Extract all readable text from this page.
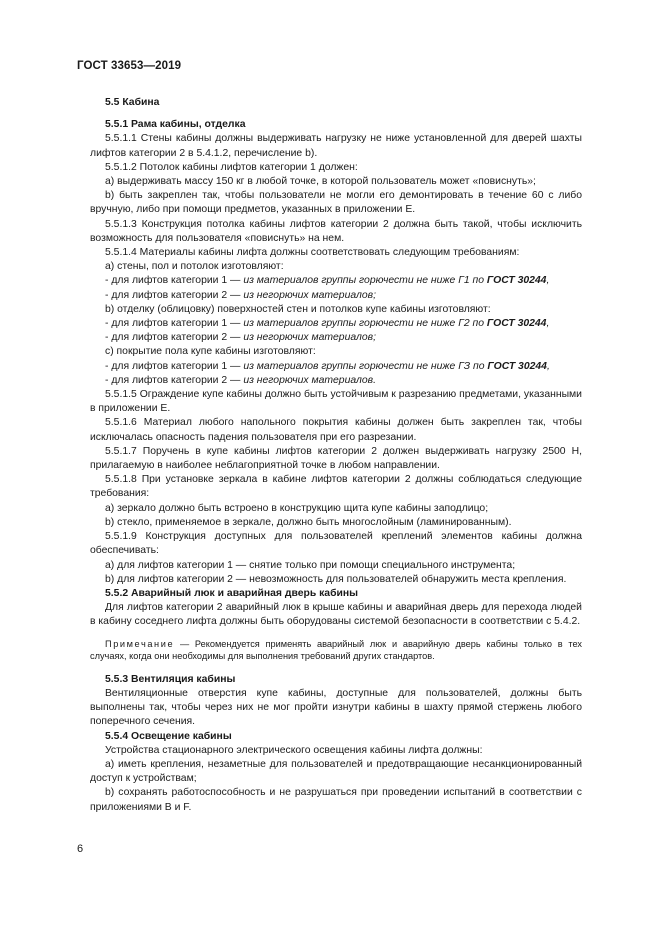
ГОСТ 33653—2019

5.5 Кабина

5.5.1 Рама кабины, отделка

5.5.1.1 Стены кабины должны выдерживать нагрузку не ниже установленной для дверей шахты лифтов категории 2 в 5.4.1.2, перечисление b).

5.5.1.2 Потолок кабины лифтов категории 1 должен:

a) выдерживать массу 150 кг в любой точке, в которой пользователь может «повиснуть»;

b) быть закреплен так, чтобы пользователи не могли его демонтировать в течение 60 с либо вручную, либо при помощи предметов, указанных в приложении Е.

5.5.1.3 Конструкция потолка кабины лифтов категории 2 должна быть такой, чтобы исключить возможность для пользователя «повиснуть» на нем.

5.5.1.4 Материалы кабины лифта должны соответствовать следующим требованиям:

a) стены, пол и потолок изготовляют:

- для лифтов категории 1 — из материалов группы горючести не ниже Г1 по ГОСТ 30244,

- для лифтов категории 2 — из негорючих материалов;

b) отделку (облицовку) поверхностей стен и потолков купе кабины изготовляют:

- для лифтов категории 1 — из материалов группы горючести не ниже Г2 по ГОСТ 30244,

- для лифтов категории 2 — из негорючих материалов;

c) покрытие пола купе кабины изготовляют:

- для лифтов категории 1 — из материалов группы горючести не ниже ГЗ по ГОСТ 30244,

- для лифтов категории 2 — из негорючих материалов.

5.5.1.5 Ограждение купе кабины должно быть устойчивым к разрезанию предметами, указанными в приложении Е.

5.5.1.6 Материал любого напольного покрытия кабины должен быть закреплен так, чтобы исключалась опасность падения пользователя при его разрезании.

5.5.1.7 Поручень в купе кабины лифтов категории 2 должен выдерживать нагрузку 2500 Н, прилагаемую в наиболее неблагоприятной точке в любом направлении.

5.5.1.8 При установке зеркала в кабине лифтов категории 2 должны соблюдаться следующие требования:

a) зеркало должно быть встроено в конструкцию щита купе кабины заподлицо;

b) стекло, применяемое в зеркале, должно быть многослойным (ламинированным).

5.5.1.9 Конструкция доступных для пользователей креплений элементов кабины должна обеспечивать:

a) для лифтов категории 1 — снятие только при помощи специального инструмента;

b) для лифтов категории 2 — невозможность для пользователей обнаружить места крепления.

5.5.2 Аварийный люк и аварийная дверь кабины

Для лифтов категории 2 аварийный люк в крыше кабины и аварийная дверь для перехода людей в кабину соседнего лифта должны быть оборудованы системой безопасности в соответствии с 5.4.2.

Примечание — Рекомендуется применять аварийный люк и аварийную дверь кабины только в тех случаях, когда они необходимы для выполнения требований других стандартов.

5.5.3 Вентиляция кабины

Вентиляционные отверстия купе кабины, доступные для пользователей, должны быть выполнены так, чтобы через них не мог пройти изнутри кабины в шахту прямой стержень любого поперечного сечения.

5.5.4 Освещение кабины

Устройства стационарного электрического освещения кабины лифта должны:

a) иметь крепления, незаметные для пользователей и предотвращающие несанкционированный доступ к устройствам;

b) сохранять работоспособность и не разрушаться при проведении испытаний в соответствии с приложениями В и F.

6
